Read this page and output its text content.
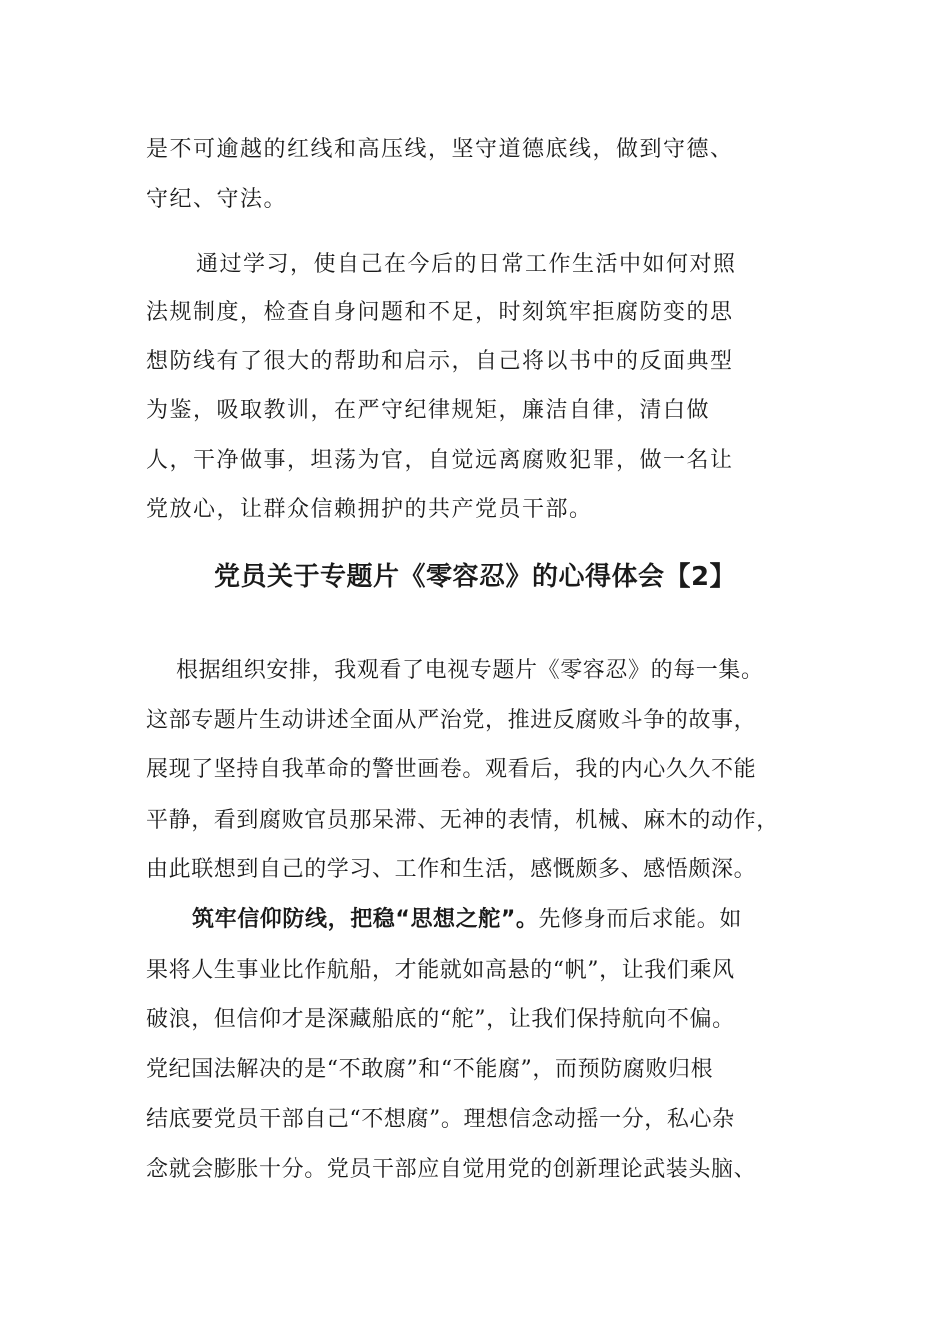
是不可逾越的红线和高压线，坚守道德底线，做到守德、
守纪、守法。
通过学习，使自己在今后的日常工作生活中如何对照
法规制度，检查自身问题和不足，时刻筑牢拒腐防变的思
想防线有了很大的帮助和启示，自己将以书中的反面典型
为鉴，吸取教训，在严守纪律规矩，廉洁自律，清白做
人，干净做事，坦荡为官，自觉远离腐败犯罪，做一名让
党放心，让群众信赖拥护的共产党员干部。
党员关于专题片《零容忍》的心得体会【2】
根据组织安排，我观看了电视专题片《零容忍》的每一集。
这部专题片生动讲述全面从严治党，推进反腐败斗争的故事，
展现了坚持自我革命的警世画卷。观看后，我的内心久久不能
平静，看到腐败官员那呆滞、无神的表情，机械、麻木的动作，
由此联想到自己的学习、工作和生活，感慨颇多、感悟颇深。
筑牢信仰防线，把稳“思想之舵”。先修身而后求能。如
果将人生事业比作航船，才能就如高悬的“帆”，让我们乘风
破浪，但信仰才是深藏船底的“舵”，让我们保持航向不偏。
党纪国法解决的是“不敢腐”和“不能腐”，而预防腐败归根
结底要党员干部自己“不想腐”。理想信念动摇一分，私心杂
念就会膨胀十分。党员干部应自觉用党的创新理论武装头脑、
